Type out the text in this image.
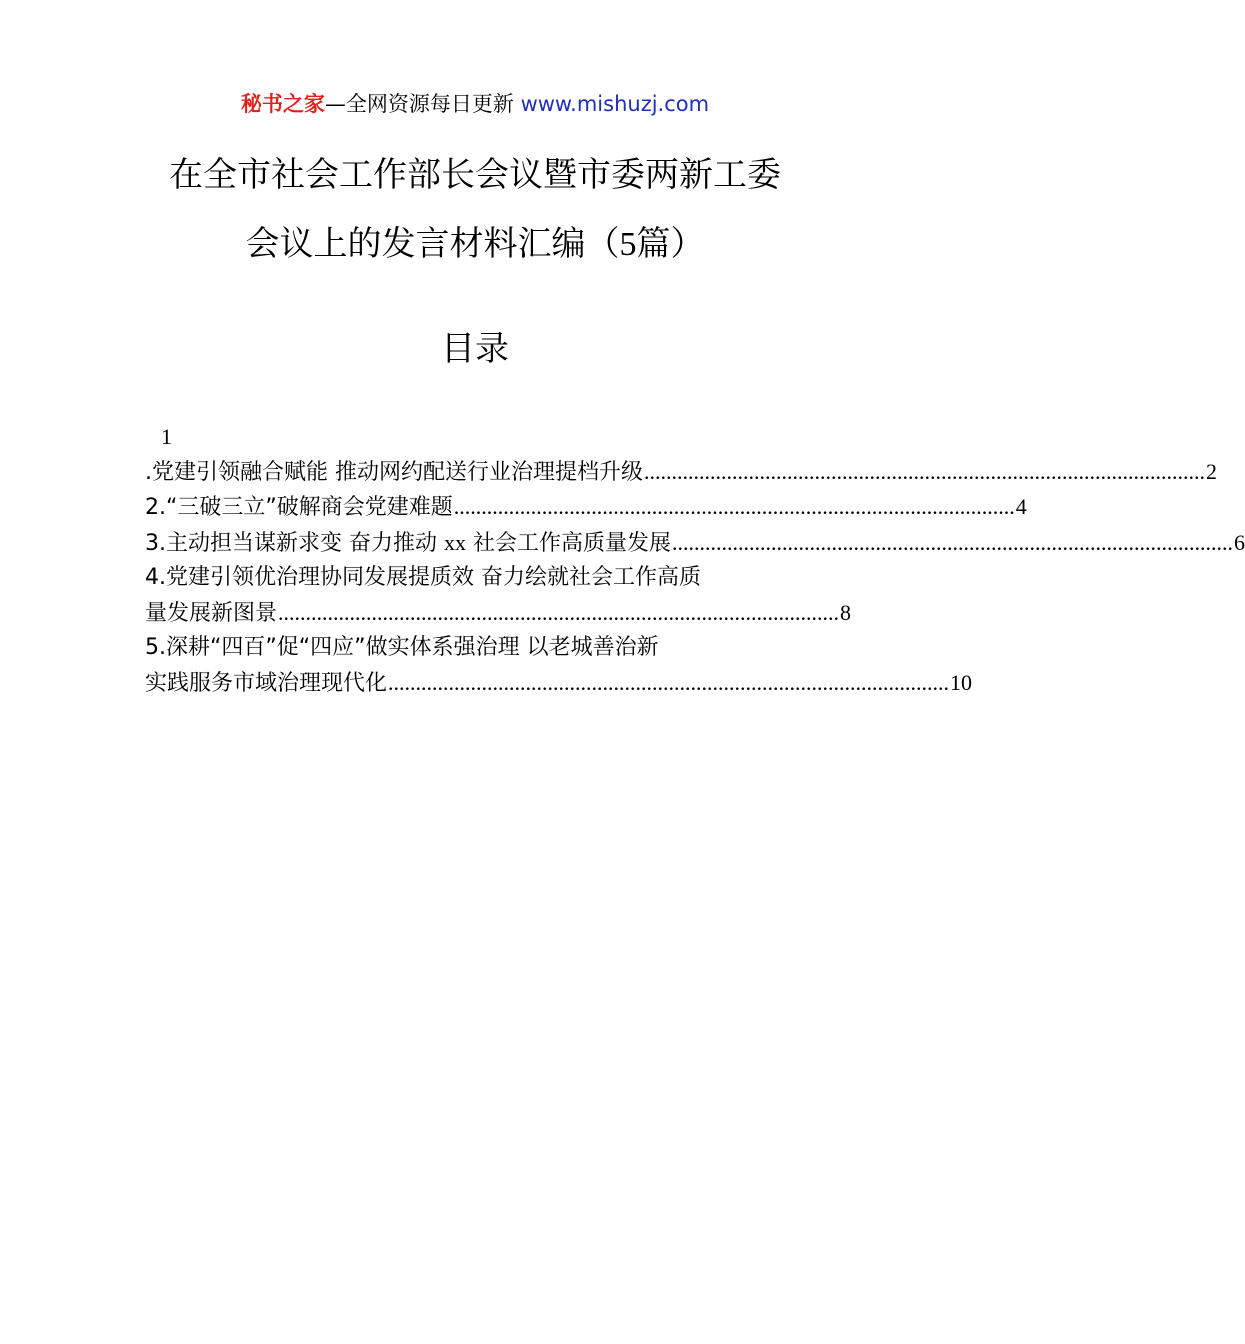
秘书之家—全网资源每日更新 www.mishuzj.com
在全市社会工作部长会议暨市委两新工委
会议上的发言材料汇编（5篇）
目录
1
.党建引领融合赋能 推动网约配送行业治理提档升级 ...................................................................................................... 2
2.“三破三立”破解商会党建难题 ...................................................................................................... 4
3.主动担当谋新求变 奋力推动 xx 社会工作高质量发展 ...................................................................................................... 6
4.党建引领优治理协同发展提质效 奋力绘就社会工作高质
量发展新图景 ...................................................................................................... 8
5.深耕“四百”促“四应”做实体系强治理 以老城善治新
实践服务市域治理现代化 ...................................................................................................... 10
